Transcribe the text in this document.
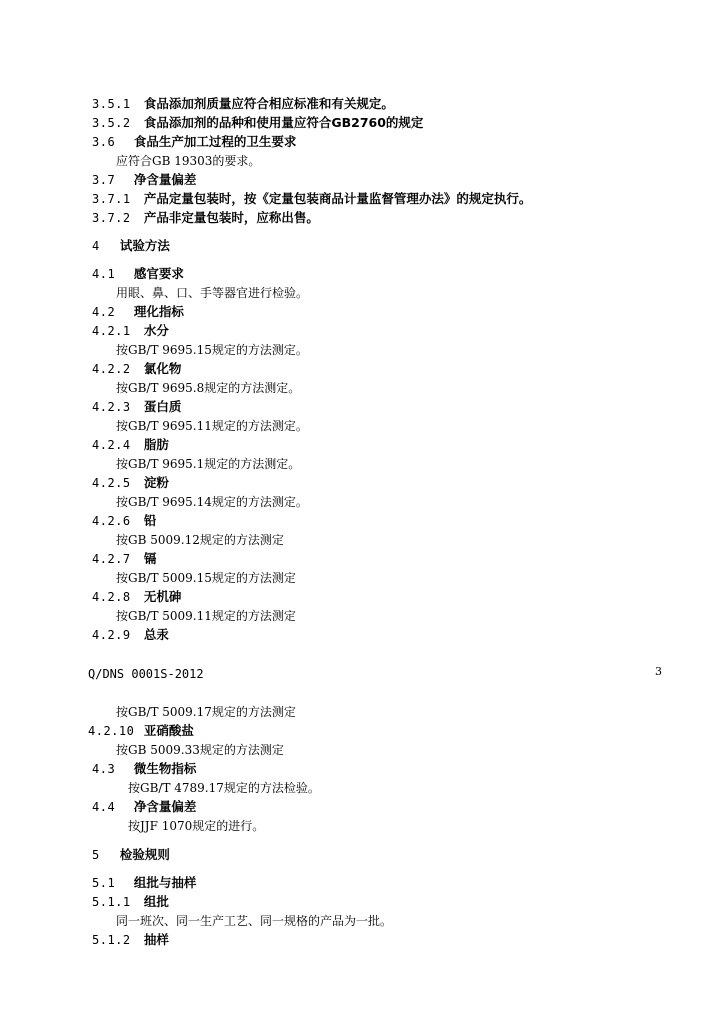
3.5.1 食品添加剂质量应符合相应标准和有关规定。
3.5.2 食品添加剂的品种和使用量应符合GB2760的规定
3.6 食品生产加工过程的卫生要求
应符合GB 19303的要求。
3.7 净含量偏差
3.7.1 产品定量包装时，按《定量包装商品计量监督管理办法》的规定执行。
3.7.2 产品非定量包装时，应称出售。
4 试验方法
4.1 感官要求
用眼、鼻、口、手等器官进行检验。
4.2 理化指标
4.2.1 水分
按GB/T 9695.15规定的方法测定。
4.2.2 氯化物
按GB/T 9695.8规定的方法测定。
4.2.3 蛋白质
按GB/T 9695.11规定的方法测定。
4.2.4 脂肪
按GB/T 9695.1规定的方法测定。
4.2.5 淀粉
按GB/T 9695.14规定的方法测定。
4.2.6 铅
按GB 5009.12规定的方法测定
4.2.7 镉
按GB/T 5009.15规定的方法测定
4.2.8 无机砷
按GB/T 5009.11规定的方法测定
4.2.9 总汞
Q/DNS 0001S-2012	3
按GB/T 5009.17规定的方法测定
4.2.10 亚硝酸盐
按GB 5009.33规定的方法测定
4.3 微生物指标
按GB/T 4789.17规定的方法检验。
4.4 净含量偏差
按JJF 1070规定的进行。
5 检验规则
5.1 组批与抽样
5.1.1 组批
同一班次、同一生产工艺、同一规格的产品为一批。
5.1.2 抽样
